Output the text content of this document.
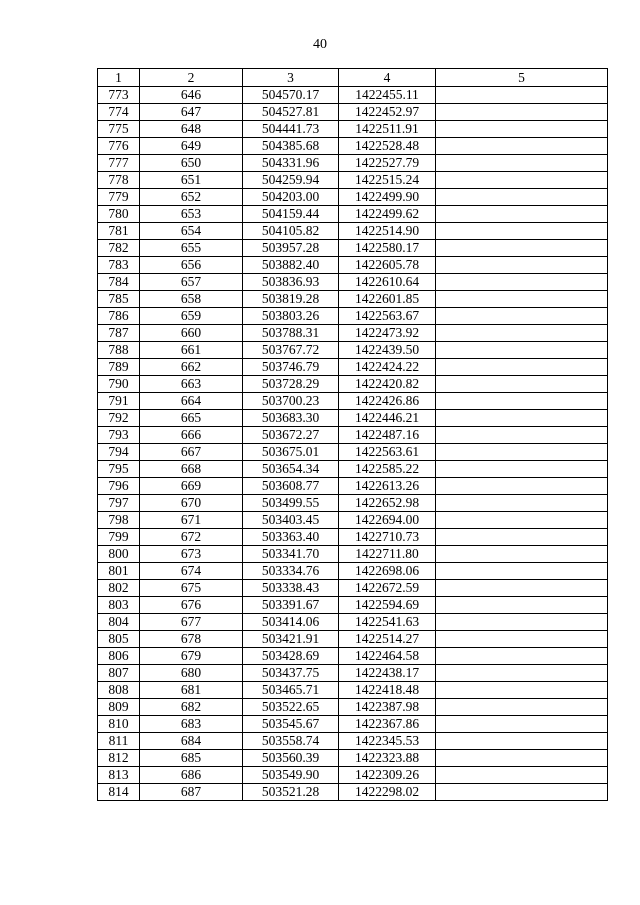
40
1	2	3	4	5
773	646	504570.17	1422455.11	
774	647	504527.81	1422452.97	
775	648	504441.73	1422511.91	
776	649	504385.68	1422528.48	
777	650	504331.96	1422527.79	
778	651	504259.94	1422515.24	
779	652	504203.00	1422499.90	
780	653	504159.44	1422499.62	
781	654	504105.82	1422514.90	
782	655	503957.28	1422580.17	
783	656	503882.40	1422605.78	
784	657	503836.93	1422610.64	
785	658	503819.28	1422601.85	
786	659	503803.26	1422563.67	
787	660	503788.31	1422473.92	
788	661	503767.72	1422439.50	
789	662	503746.79	1422424.22	
790	663	503728.29	1422420.82	
791	664	503700.23	1422426.86	
792	665	503683.30	1422446.21	
793	666	503672.27	1422487.16	
794	667	503675.01	1422563.61	
795	668	503654.34	1422585.22	
796	669	503608.77	1422613.26	
797	670	503499.55	1422652.98	
798	671	503403.45	1422694.00	
799	672	503363.40	1422710.73	
800	673	503341.70	1422711.80	
801	674	503334.76	1422698.06	
802	675	503338.43	1422672.59	
803	676	503391.67	1422594.69	
804	677	503414.06	1422541.63	
805	678	503421.91	1422514.27	
806	679	503428.69	1422464.58	
807	680	503437.75	1422438.17	
808	681	503465.71	1422418.48	
809	682	503522.65	1422387.98	
810	683	503545.67	1422367.86	
811	684	503558.74	1422345.53	
812	685	503560.39	1422323.88	
813	686	503549.90	1422309.26	
814	687	503521.28	1422298.02	
